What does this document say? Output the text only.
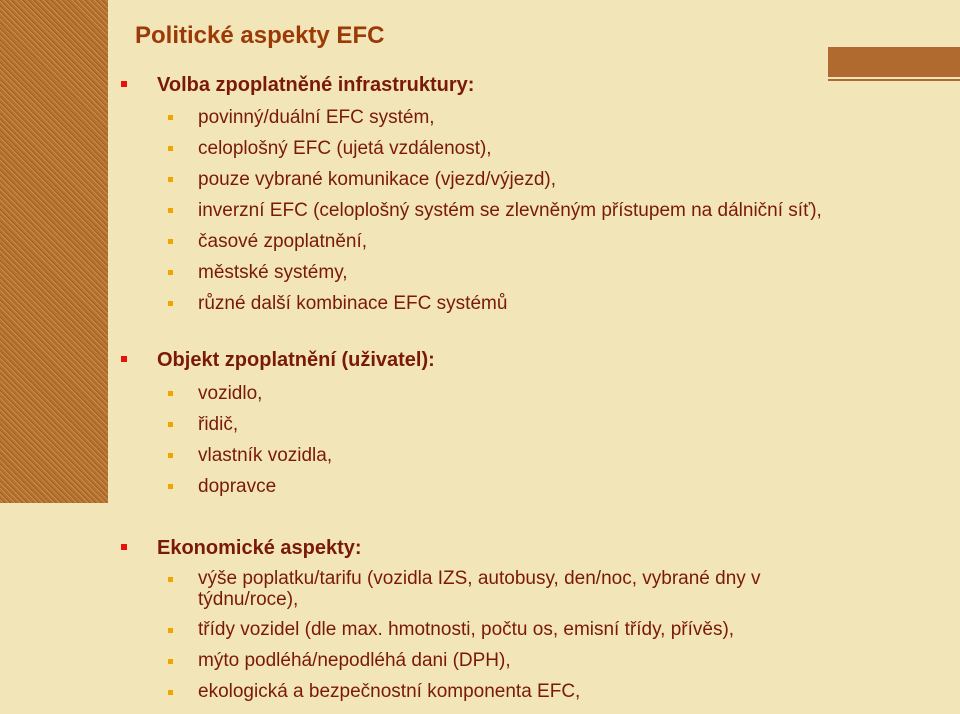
Politické aspekty EFC
Volba zpoplatněné infrastruktury:
povinný/duální EFC systém,
celoplošný EFC (ujetá vzdálenost),
pouze vybrané komunikace (vjezd/výjezd),
inverzní EFC (celoplošný systém se zlevněným přístupem na dálniční síť),
časové zpoplatnění,
městské systémy,
různé další kombinace EFC systémů
Objekt zpoplatnění (uživatel):
vozidlo,
řidič,
vlastník vozidla,
dopravce
Ekonomické aspekty:
výše poplatku/tarifu (vozidla IZS, autobusy, den/noc, vybrané dny v
týdnu/roce),
třídy vozidel (dle max. hmotnosti, počtu os, emisní třídy, přívěs),
mýto podléhá/nepodléhá dani (DPH),
ekologická a bezpečnostní komponenta EFC,
